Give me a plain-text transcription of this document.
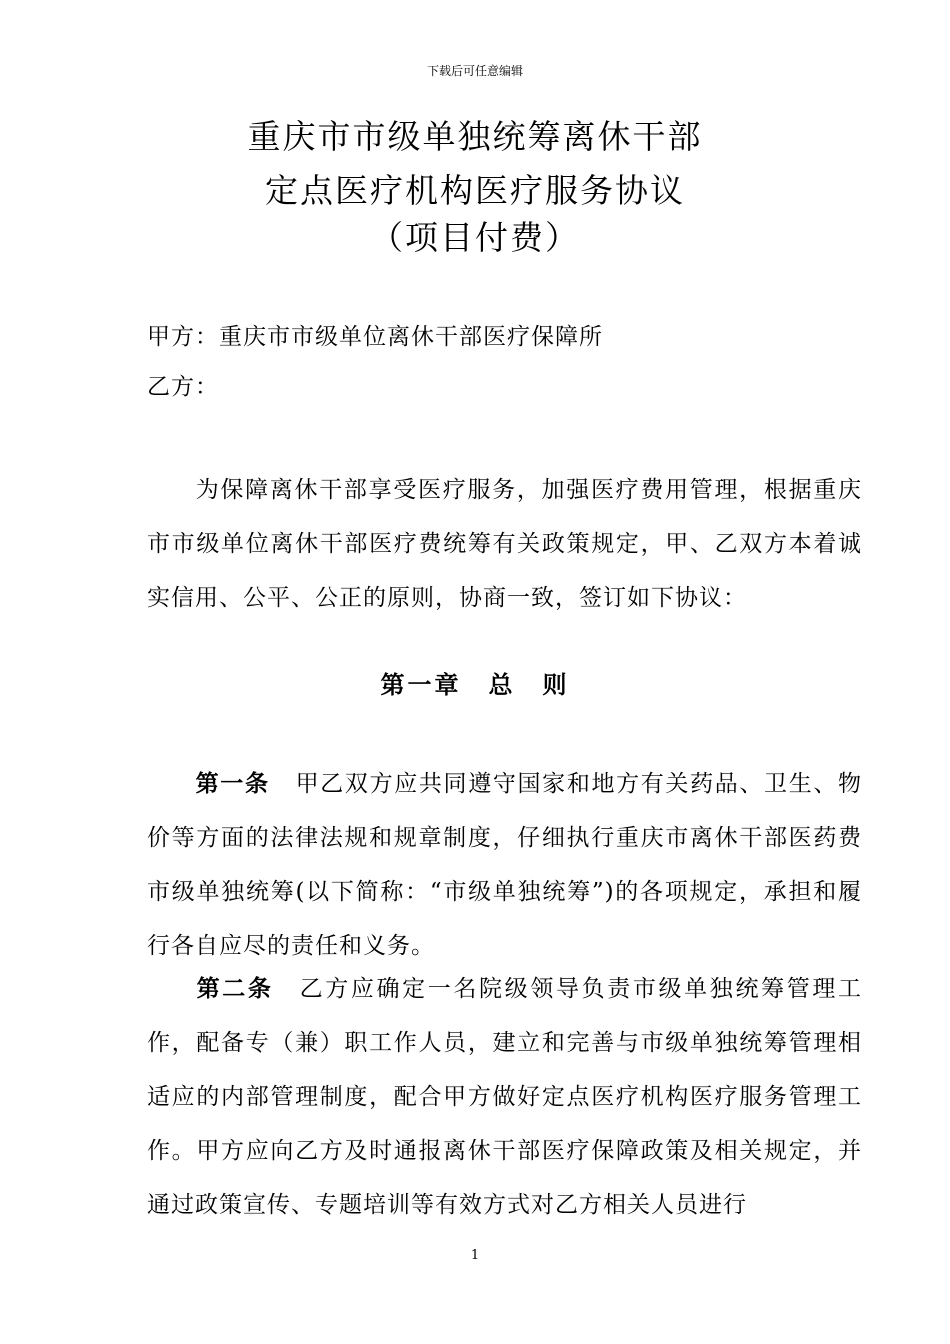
下载后可任意编辑
重庆市市级单独统筹离休干部
定点医疗机构医疗服务协议
（项目付费）
甲方：重庆市市级单位离休干部医疗保障所
乙方：
为保障离休干部享受医疗服务，加强医疗费用管理，根据重庆市市级单位离休干部医疗费统筹有关政策规定，甲、乙双方本着诚实信用、公平、公正的原则，协商一致，签订如下协议：
第一章　总　则
第一条 甲乙双方应共同遵守国家和地方有关药品、卫生、物价等方面的法律法规和规章制度，仔细执行重庆市离休干部医药费市级单独统筹(以下简称：“市级单独统筹”)的各项规定，承担和履行各自应尽的责任和义务。
第二条 乙方应确定一名院级领导负责市级单独统筹管理工作，配备专（兼）职工作人员，建立和完善与市级单独统筹管理相适应的内部管理制度，配合甲方做好定点医疗机构医疗服务管理工作。甲方应向乙方及时通报离休干部医疗保障政策及相关规定，并通过政策宣传、专题培训等有效方式对乙方相关人员进行
1
